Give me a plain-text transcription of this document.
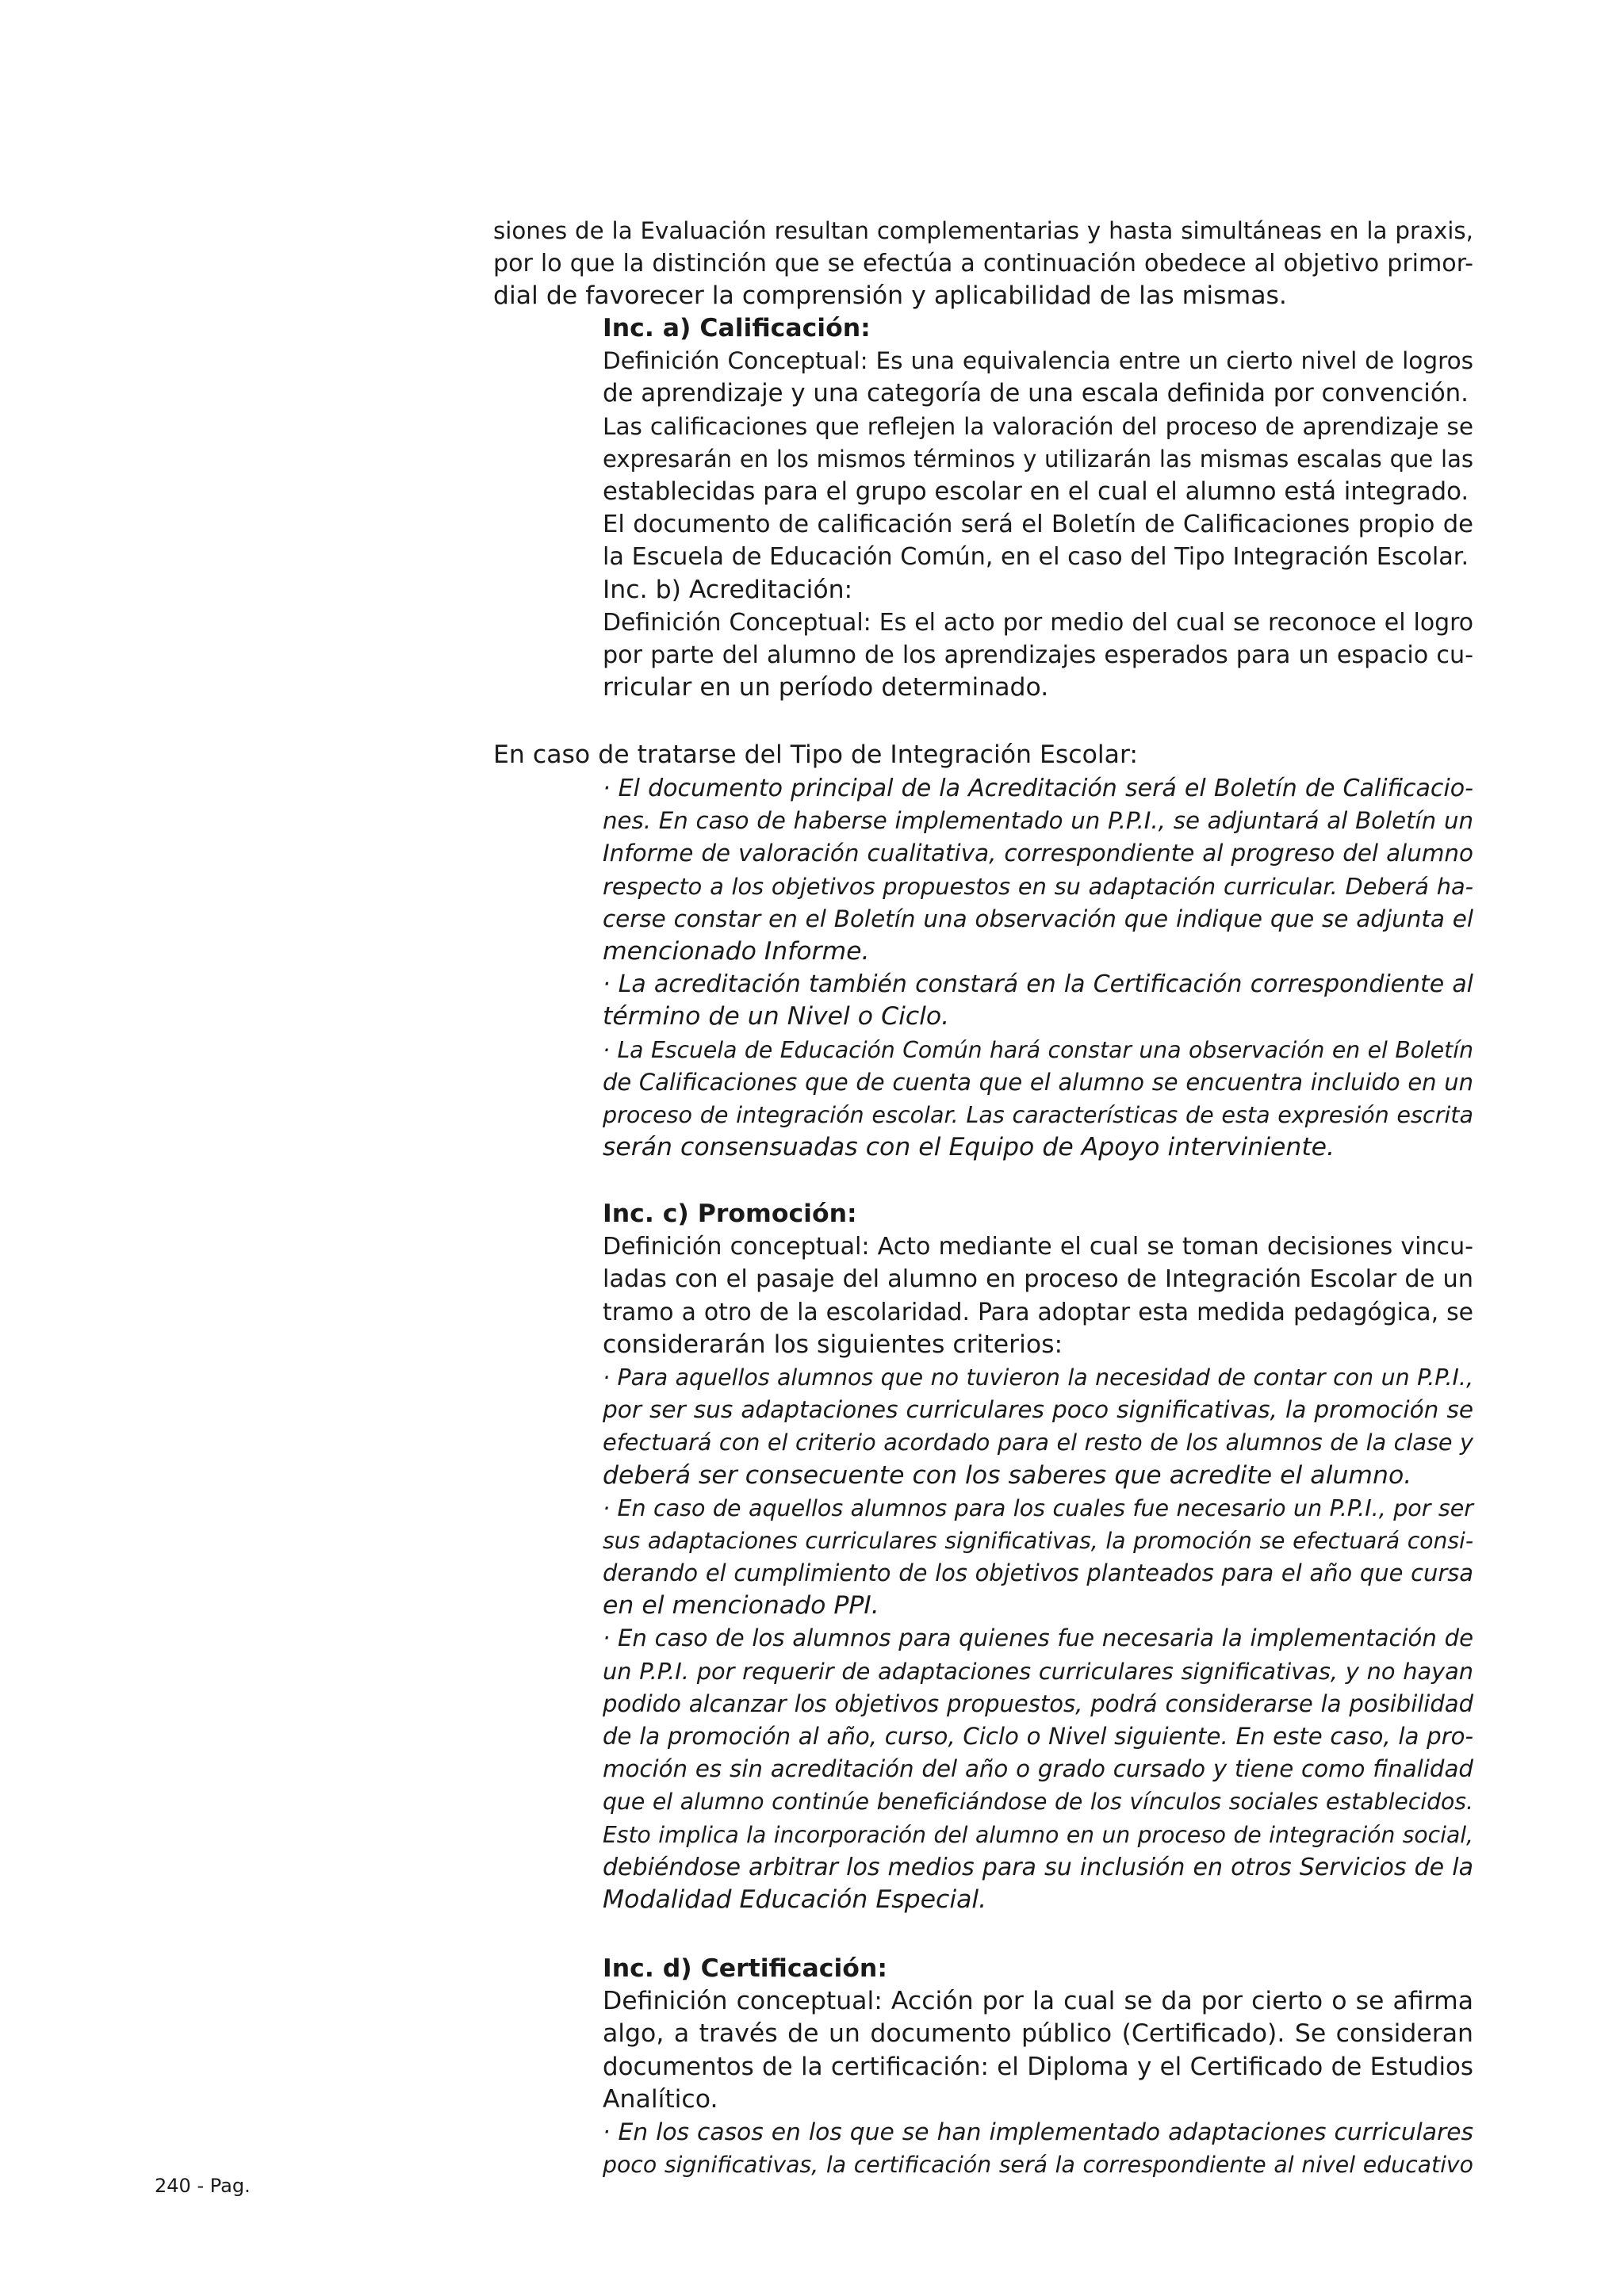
siones de la Evaluación resultan complementarias y hasta simultáneas en la praxis,
por lo que la distinción que se efectúa a continuación obedece al objetivo primor-
dial de favorecer la comprensión y aplicabilidad de las mismas.
Inc. a) Calificación:
Definición Conceptual: Es una equivalencia entre un cierto nivel de logros
de aprendizaje y una categoría de una escala definida por convención.
Las calificaciones que reflejen la valoración del proceso de aprendizaje se
expresarán en los mismos términos y utilizarán las mismas escalas que las
establecidas para el grupo escolar en el cual el alumno está integrado.
El documento de calificación será el Boletín de Calificaciones propio de
la Escuela de Educación Común, en el caso del Tipo Integración Escolar.
Inc. b) Acreditación:
Definición Conceptual: Es el acto por medio del cual se reconoce el logro
por parte del alumno de los aprendizajes esperados para un espacio cu-
rricular en un período determinado.
En caso de tratarse del Tipo de Integración Escolar:
· El documento principal de la Acreditación será el Boletín de Calificacio-
nes. En caso de haberse implementado un P.P.I., se adjuntará al Boletín un
Informe de valoración cualitativa, correspondiente al progreso del alumno
respecto a los objetivos propuestos en su adaptación curricular. Deberá ha-
cerse constar en el Boletín una observación que indique que se adjunta el
mencionado Informe.
· La acreditación también constará en la Certificación correspondiente al
término de un Nivel o Ciclo.
· La Escuela de Educación Común hará constar una observación en el Boletín
de Calificaciones que de cuenta que el alumno se encuentra incluido en un
proceso de integración escolar. Las características de esta expresión escrita
serán consensuadas con el Equipo de Apoyo interviniente.
Inc. c) Promoción:
Definición conceptual: Acto mediante el cual se toman decisiones vincu-
ladas con el pasaje del alumno en proceso de Integración Escolar de un
tramo a otro de la escolaridad. Para adoptar esta medida pedagógica, se
considerarán los siguientes criterios:
· Para aquellos alumnos que no tuvieron la necesidad de contar con un P.P.I.,
por ser sus adaptaciones curriculares poco significativas, la promoción se
efectuará con el criterio acordado para el resto de los alumnos de la clase y
deberá ser consecuente con los saberes que acredite el alumno.
· En caso de aquellos alumnos para los cuales fue necesario un P.P.I., por ser
sus adaptaciones curriculares significativas, la promoción se efectuará consi-
derando el cumplimiento de los objetivos planteados para el año que cursa
en el mencionado PPI.
· En caso de los alumnos para quienes fue necesaria la implementación de
un P.P.I. por requerir de adaptaciones curriculares significativas, y no hayan
podido alcanzar los objetivos propuestos, podrá considerarse la posibilidad
de la promoción al año, curso, Ciclo o Nivel siguiente. En este caso, la pro-
moción es sin acreditación del año o grado cursado y tiene como finalidad
que el alumno continúe beneficiándose de los vínculos sociales establecidos.
Esto implica la incorporación del alumno en un proceso de integración social,
debiéndose arbitrar los medios para su inclusión en otros Servicios de la
Modalidad Educación Especial.
Inc. d) Certificación:
Definición conceptual: Acción por la cual se da por cierto o se afirma
algo, a través de un documento público (Certificado). Se consideran
documentos de la certificación: el Diploma y el Certificado de Estudios
Analítico.
· En los casos en los que se han implementado adaptaciones curriculares
poco significativas, la certificación será la correspondiente al nivel educativo
240 - Pag.
